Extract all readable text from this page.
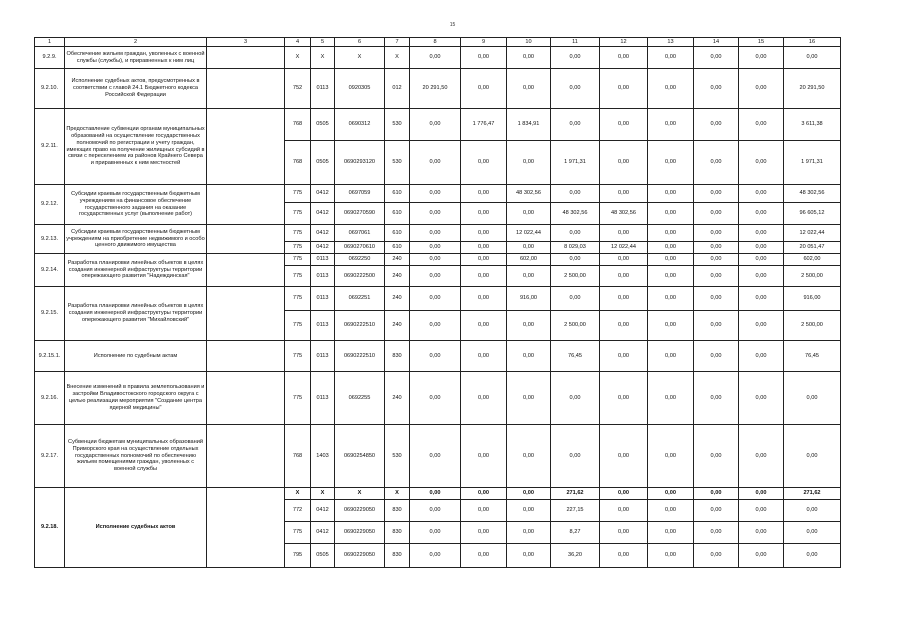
15
1	2	3	4	5	6	7	8	9	10	11	12	13	14	15	16
9.2.9.	Обеспечение жильем граждан, уволенных с военной службы (службы), и приравненных к ним лиц		X	X	X	X	0,00	0,00	0,00	0,00	0,00	0,00	0,00	0,00	0,00
9.2.10.	Исполнение судебных актов, предусмотренных в соответствии с главой 24.1 Бюджетного кодекса Российской Федерации		752	0113	0920305	012	20 291,50	0,00	0,00	0,00	0,00	0,00	0,00	0,00	20 291,50
9.2.11.	Предоставление субвенции органам муниципальных образований на осуществление государственных полномочий по регистрации и учету граждан, имеющих право на получение жилищных субсидий в связи с переселением из районов Крайнего Севера и приравненных к ним местностей		768	0505	0690312	530	0,00	1 776,47	1 834,91	0,00	0,00	0,00	0,00	0,00	3 611,38
			768	0505	0690293120	530	0,00	0,00	0,00	1 971,31	0,00	0,00	0,00	0,00	1 971,31
9.2.12.	Субсидии краевым государственным бюджетным учреждениям на финансовое обеспечение государственного задания на оказание государственных услуг (выполнение работ)		775	0412	0697059	610	0,00	0,00	48 302,56	0,00	0,00	0,00	0,00	0,00	48 302,56
			775	0412	0690270590	610	0,00	0,00	0,00	48 302,56	48 302,56	0,00	0,00	0,00	96 605,12
9.2.13.	Субсидии краевым государственным бюджетным учреждениям на приобретение недвижимого и особо ценного движимого имущества		775	0412	0697061	610	0,00	0,00	12 022,44	0,00	0,00	0,00	0,00	0,00	12 022,44
			775	0412	0690270610	610	0,00	0,00	0,00	8 029,03	12 022,44	0,00	0,00	0,00	20 051,47
9.2.14.	Разработка планировки линейных объектов в целях создания инженерной инфраструктуры территории опережающего развития "Надеждинская"		775	0113	0692250	240	0,00	0,00	602,00	0,00	0,00	0,00	0,00	0,00	602,00
			775	0113	0690222500	240	0,00	0,00	0,00	2 500,00	0,00	0,00	0,00	0,00	2 500,00
9.2.15.	Разработка планировки линейных объектов в целях создания инженерной инфраструктуры территории опережающего развития "Михайловский"		775	0113	0692251	240	0,00	0,00	916,00	0,00	0,00	0,00	0,00	0,00	916,00
			775	0113	0690222510	240	0,00	0,00	0,00	2 500,00	0,00	0,00	0,00	0,00	2 500,00
9.2.15.1.	Исполнение по судебным актам		775	0113	0690222510	830	0,00	0,00	0,00	76,45	0,00	0,00	0,00	0,00	76,45
9.2.16.	Внесение изменений в правила землепользования и застройки Владивостокского городского округа с целью реализации мероприятия "Создание центра ядерной медицины"		775	0113	0692255	240	0,00	0,00	0,00	0,00	0,00	0,00	0,00	0,00	0,00
9.2.17.	Субвенции бюджетам муниципальных образований Приморского края на осуществление отдельных государственных полномочий по обеспечению жильем помещениями граждан, уволенных с военной службы		768	1403	0690254850	530	0,00	0,00	0,00	0,00	0,00	0,00	0,00	0,00	0,00
9.2.18.	Исполнение судебных актов		X	X	X	X	0,00	0,00	0,00	271,62	0,00	0,00	0,00	0,00	271,62
			772	0412	0690229050	830	0,00	0,00	0,00	227,15	0,00	0,00	0,00	0,00	0,00
			775	0412	0690229050	830	0,00	0,00	0,00	8,27	0,00	0,00	0,00	0,00	0,00
			795	0505	0690229050	830	0,00	0,00	0,00	36,20	0,00	0,00	0,00	0,00	0,00
